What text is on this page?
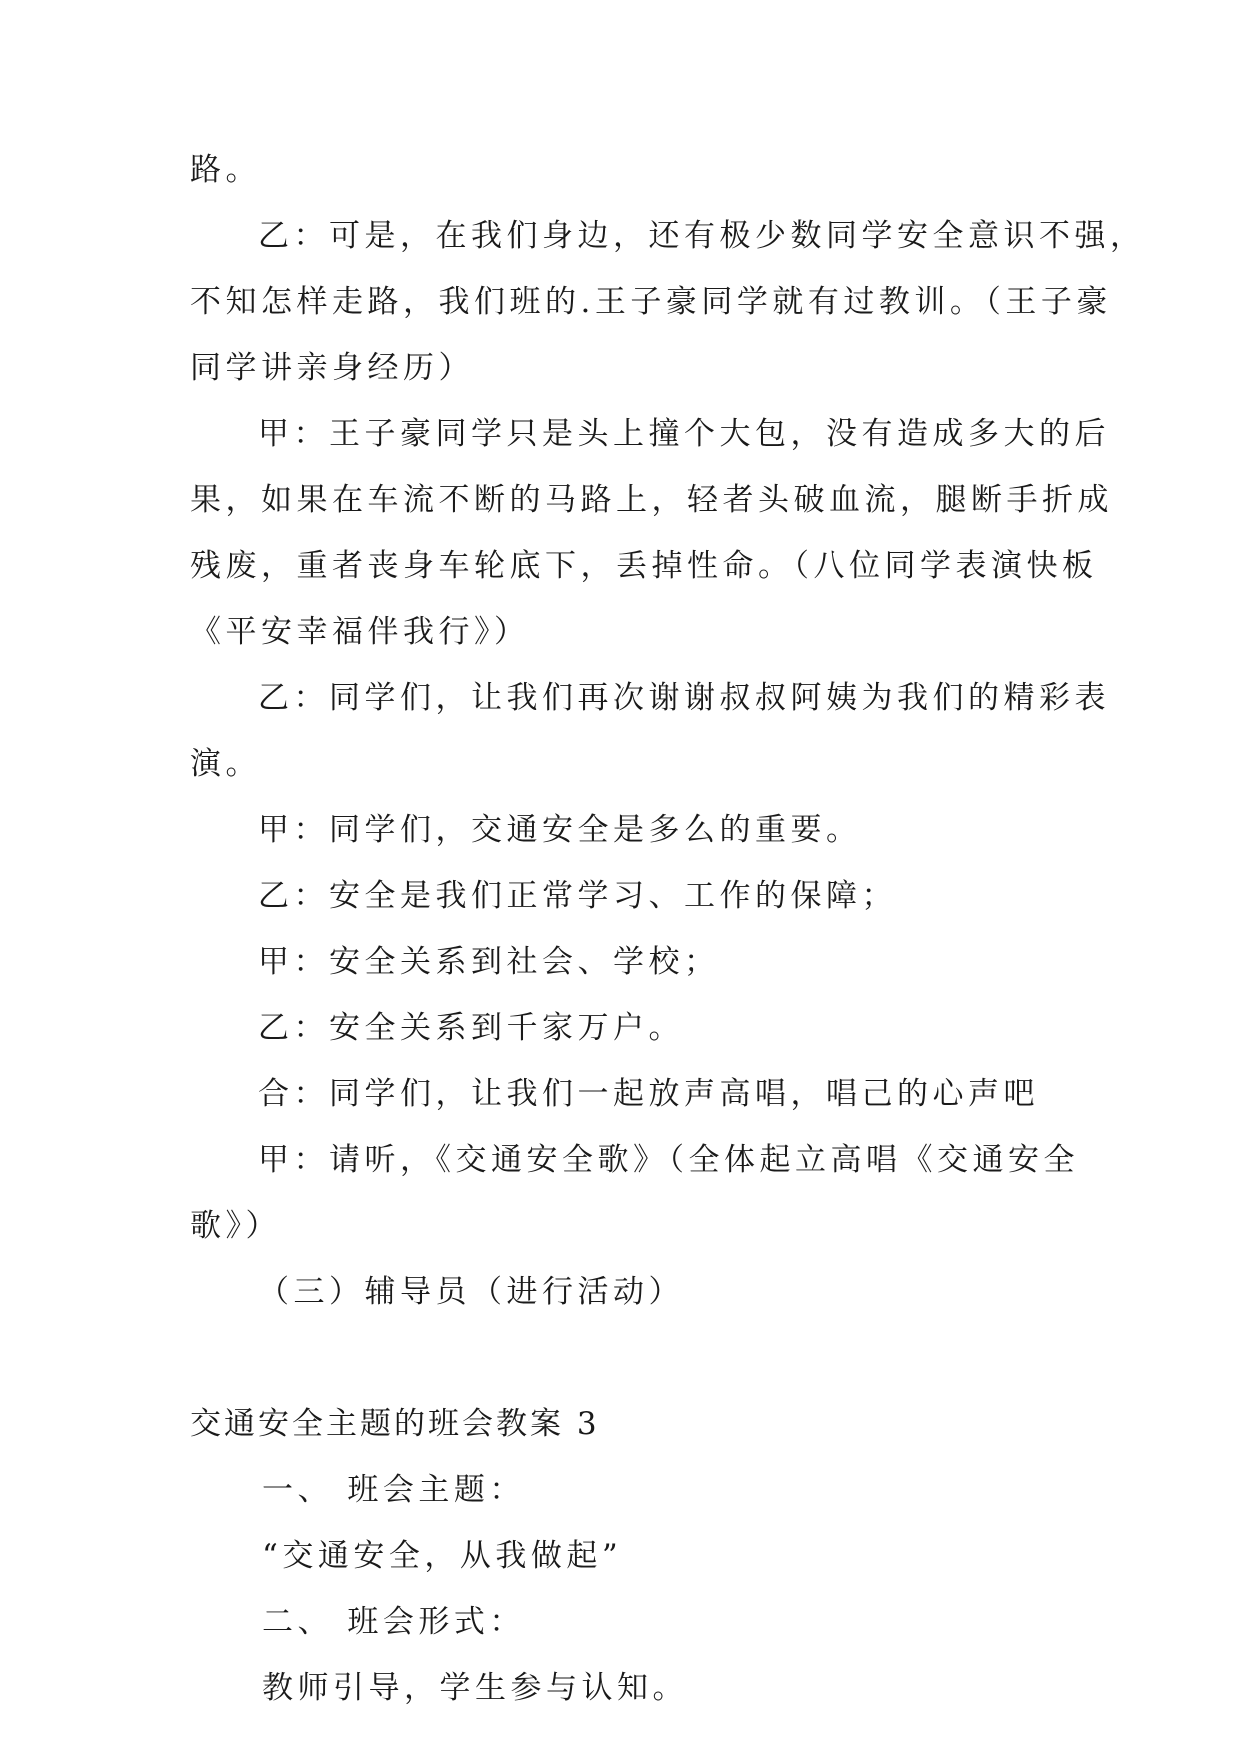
路。
乙：可是，在我们身边，还有极少数同学安全意识不强，
不知怎样走路，我们班的.王子豪同学就有过教训。（王子豪
同学讲亲身经历）
甲：王子豪同学只是头上撞个大包，没有造成多大的后
果，如果在车流不断的马路上，轻者头破血流，腿断手折成
残废，重者丧身车轮底下，丢掉性命。（八位同学表演快板
《平安幸福伴我行》）
乙：同学们，让我们再次谢谢叔叔阿姨为我们的精彩表
演。
甲：同学们，交通安全是多么的重要。
乙：安全是我们正常学习、工作的保障；
甲：安全关系到社会、学校；
乙：安全关系到千家万户。
合：同学们，让我们一起放声高唱，唱己的心声吧
甲：请听，《交通安全歌》（全体起立高唱《交通安全
歌》）
（三）辅导员（进行活动）
交通安全主题的班会教案 3
一、 班会主题：
“交通安全，从我做起”
二、 班会形式：
教师引导，学生参与认知。
